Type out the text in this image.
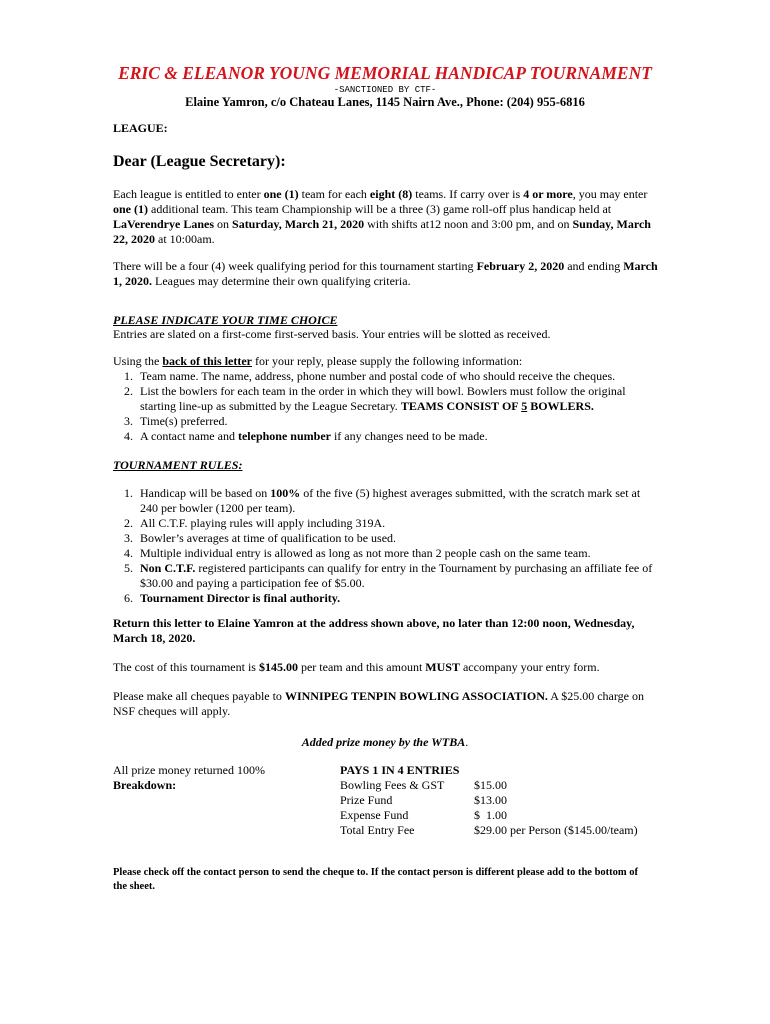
ERIC & ELEANOR YOUNG MEMORIAL HANDICAP TOURNAMENT
-SANCTIONED BY CTF-
Elaine Yamron, c/o Chateau Lanes, 1145 Nairn Ave., Phone: (204) 955-6816
LEAGUE:
Dear (League Secretary):
Each league is entitled to enter one (1) team for each eight (8) teams. If carry over is 4 or more, you may enter one (1) additional team. This team Championship will be a three (3) game roll-off plus handicap held at LaVerendrye Lanes on Saturday, March 21, 2020 with shifts at12 noon and 3:00 pm, and on Sunday, March 22, 2020 at 10:00am.
There will be a four (4) week qualifying period for this tournament starting February 2, 2020 and ending March 1, 2020. Leagues may determine their own qualifying criteria.
PLEASE INDICATE YOUR TIME CHOICE
Entries are slated on a first-come first-served basis. Your entries will be slotted as received.
Using the back of this letter for your reply, please supply the following information:
1. Team name. The name, address, phone number and postal code of who should receive the cheques.
2. List the bowlers for each team in the order in which they will bowl. Bowlers must follow the original starting line-up as submitted by the League Secretary. TEAMS CONSIST OF 5 BOWLERS.
3. Time(s) preferred.
4. A contact name and telephone number if any changes need to be made.
TOURNAMENT RULES:
1. Handicap will be based on 100% of the five (5) highest averages submitted, with the scratch mark set at 240 per bowler (1200 per team).
2. All C.T.F. playing rules will apply including 319A.
3. Bowler’s averages at time of qualification to be used.
4. Multiple individual entry is allowed as long as not more than 2 people cash on the same team.
5. Non C.T.F. registered participants can qualify for entry in the Tournament by purchasing an affiliate fee of $30.00 and paying a participation fee of $5.00.
6. Tournament Director is final authority.
Return this letter to Elaine Yamron at the address shown above, no later than 12:00 noon, Wednesday, March 18, 2020.
The cost of this tournament is $145.00 per team and this amount MUST accompany your entry form.
Please make all cheques payable to WINNIPEG TENPIN BOWLING ASSOCIATION. A $25.00 charge on NSF cheques will apply.
Added prize money by the WTBA.
All prize money returned 100%
Breakdown:
PAYS 1 IN 4 ENTRIES
Bowling Fees & GST $15.00
Prize Fund	$13.00
Expense Fund	$  1.00
Total Entry Fee	$29.00 per Person ($145.00/team)
Please check off the contact person to send the cheque to. If the contact person is different please add to the bottom of the sheet.
